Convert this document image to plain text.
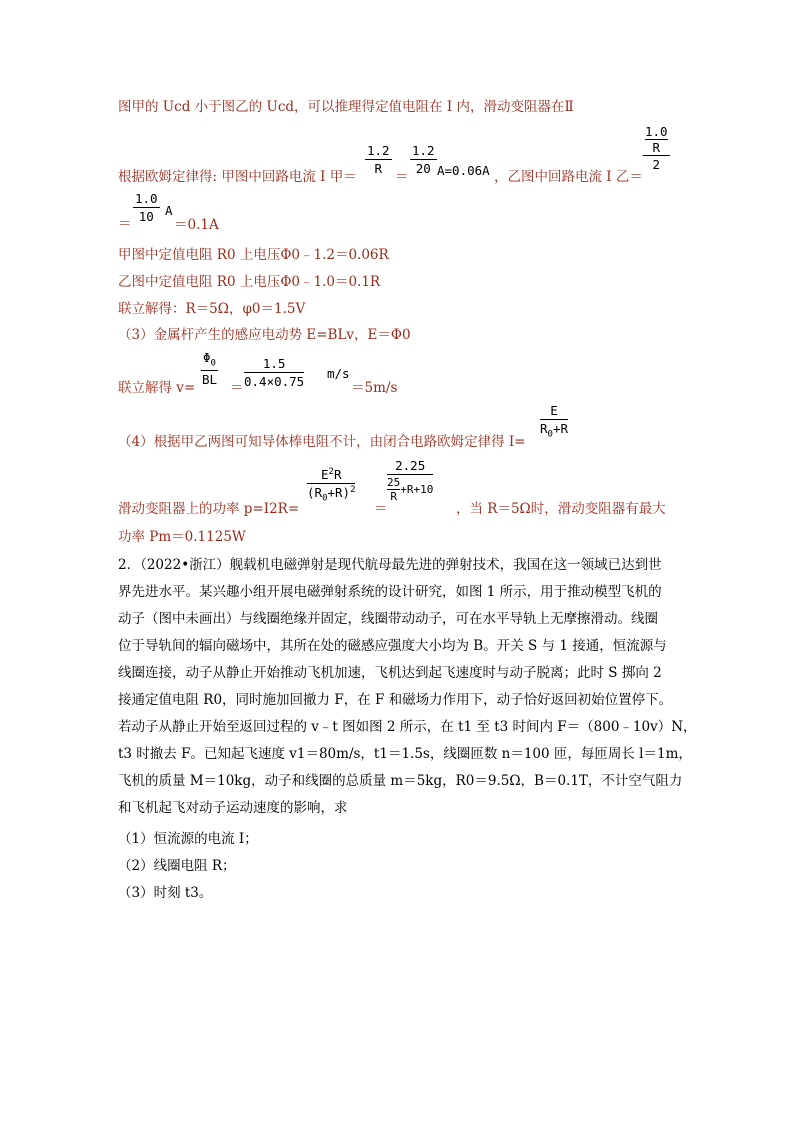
图甲的 Ucd 小于图乙的 Ucd，可以推理得定值电阻在 I 内，滑动变阻器在Ⅱ
根据欧姆定律得: 甲图中回路电流 I 甲＝
$\frac{1.2}{R}$
＝
$\frac{1.2}{20} A=0.06A$ ，乙图中回路电流 I 乙＝
1.0
R
2
＝ $\frac{1.0}{10}$ A
＝0.1A
甲图中定值电阻 R0 上电压Φ0﹣1.2＝0.06R
乙图中定值电阻 R0 上电压Φ0﹣1.0＝0.1R
联立解得：R＝5Ω，φ0＝1.5V
（3）金属杆产生的感应电动势 E=BLv，E＝Φ0
联立解得 v=
$\frac{\Phi_0}{BL}$
＝ $\frac{1.5}{0.4\times 0.75} m/s$
＝5m/s
（4）根据甲乙两图可知导体棒电阻不计，由闭合电路欧姆定律得 I=
$\frac{E}{R_0+R}$
滑动变阻器上的功率 p=I2R=
$\frac{E^2R}{(R_0+R)^2}$
＝
$\frac{2.25}{\frac{25}{R} +R+10}$
，当 R＝5Ω时，滑动变阻器有最大
功率 Pm＝0.1125W
2．（2022•浙江）舰载机电磁弹射是现代航母最先进的弹射技术，我国在这一领域已达到世
界先进水平。某兴趣小组开展电磁弹射系统的设计研究，如图 1 所示，用于推动模型飞机的
动子（图中未画出）与线圈绝缘并固定，线圈带动动子，可在水平导轨上无摩擦滑动。线圈
位于导轨间的辐向磁场中，其所在处的磁感应强度大小均为 B。开关 S 与 1 接通，恒流源与
线圈连接，动子从静止开始推动飞机加速，飞机达到起飞速度时与动子脱离；此时 S 掷向 2
接通定值电阻 R0，同时施加回撤力 F，在 F 和磁场力作用下，动子恰好返回初始位置停下。
若动子从静止开始至返回过程的 v﹣t 图如图 2 所示，在 t1 至 t3 时间内 F＝（800﹣10v）N，
t3 时撤去 F。已知起飞速度 v1＝80m/s，t1＝1.5s，线圈匝数 n＝100 匝，每匝周长 l＝1m，
飞机的质量 M＝10kg，动子和线圈的总质量 m＝5kg，R0＝9.5Ω，B＝0.1T，不计空气阻力
和飞机起飞对动子运动速度的影响，求
（1）恒流源的电流 I；
（2）线圈电阻 R；
（3）时刻 t3。
